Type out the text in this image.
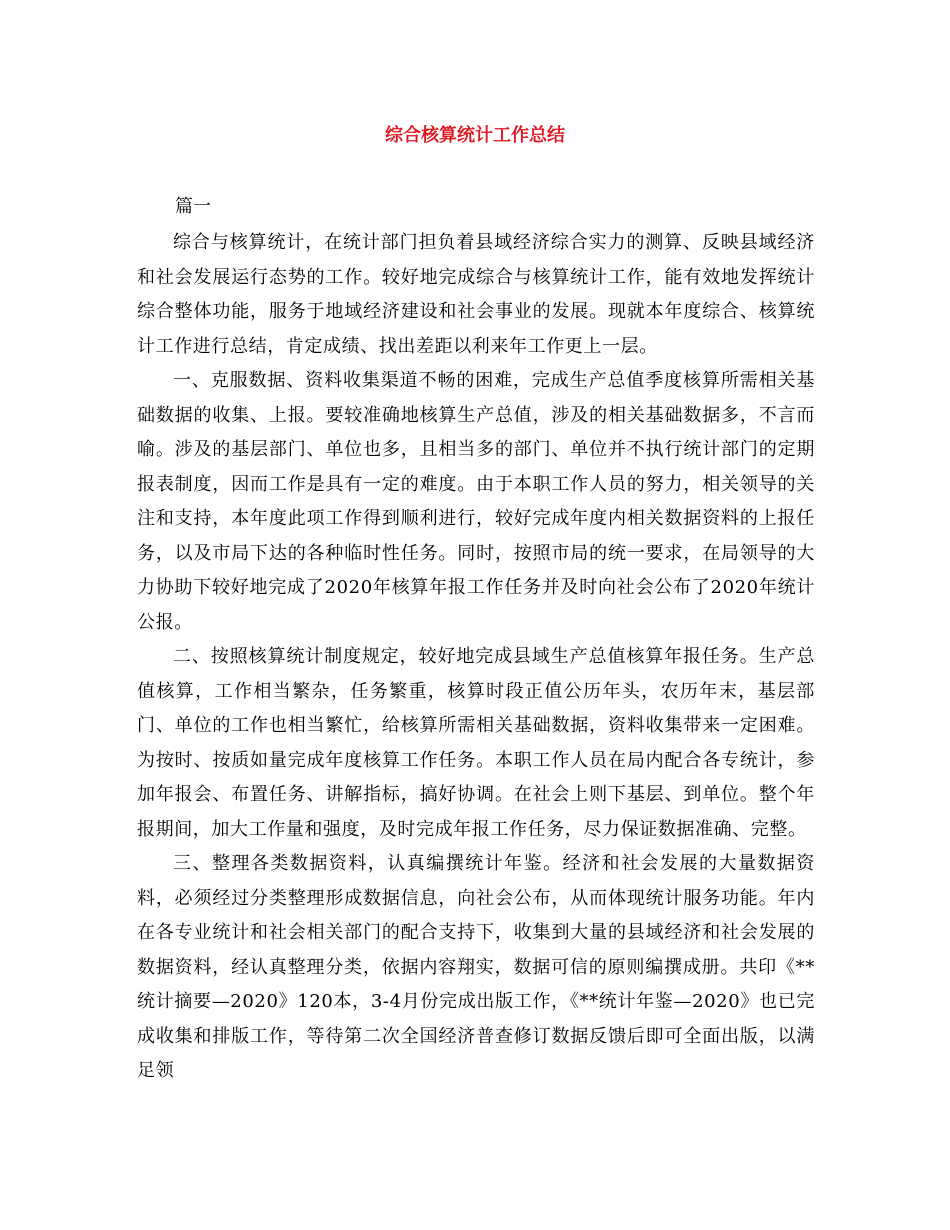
综合核算统计工作总结

篇一

综合与核算统计，在统计部门担负着县域经济综合实力的测算、反映县域经济和社会发展运行态势的工作。较好地完成综合与核算统计工作，能有效地发挥统计综合整体功能，服务于地域经济建设和社会事业的发展。现就本年度综合、核算统计工作进行总结，肯定成绩、找出差距以利来年工作更上一层。

一、克服数据、资料收集渠道不畅的困难，完成生产总值季度核算所需相关基础数据的收集、上报。要较准确地核算生产总值，涉及的相关基础数据多，不言而喻。涉及的基层部门、单位也多，且相当多的部门、单位并不执行统计部门的定期报表制度，因而工作是具有一定的难度。由于本职工作人员的努力，相关领导的关注和支持，本年度此项工作得到顺利进行，较好完成年度内相关数据资料的上报任务，以及市局下达的各种临时性任务。同时，按照市局的统一要求，在局领导的大力协助下较好地完成了2020年核算年报工作任务并及时向社会公布了2020年统计公报。

二、按照核算统计制度规定，较好地完成县域生产总值核算年报任务。生产总值核算，工作相当繁杂，任务繁重，核算时段正值公历年头，农历年末，基层部门、单位的工作也相当繁忙，给核算所需相关基础数据，资料收集带来一定困难。为按时、按质如量完成年度核算工作任务。本职工作人员在局内配合各专统计，参加年报会、布置任务、讲解指标，搞好协调。在社会上则下基层、到单位。整个年报期间，加大工作量和强度，及时完成年报工作任务，尽力保证数据准确、完整。

三、整理各类数据资料，认真编撰统计年鉴。经济和社会发展的大量数据资料，必须经过分类整理形成数据信息，向社会公布，从而体现统计服务功能。年内在各专业统计和社会相关部门的配合支持下，收集到大量的县域经济和社会发展的数据资料，经认真整理分类，依据内容翔实，数据可信的原则编撰成册。共印《**统计摘要—2020》120本，3-4月份完成出版工作，《**统计年鉴—2020》也已完成收集和排版工作，等待第二次全国经济普查修订数据反馈后即可全面出版，以满足领
